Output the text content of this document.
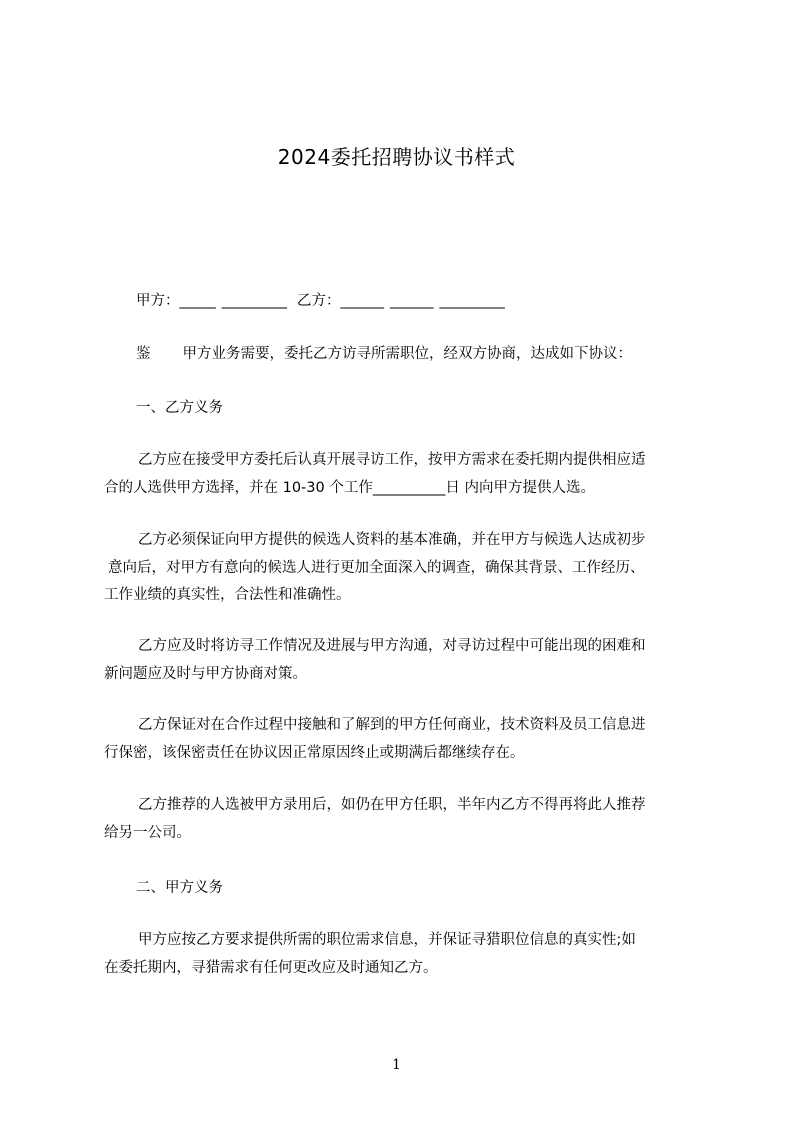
2024委托招聘协议书样式
甲方：_____ _________ 乙方：______ ______ _________
鉴 甲方业务需要，委托乙方访寻所需职位，经双方协商，达成如下协议：
一、乙方义务
乙方应在接受甲方委托后认真开展寻访工作，按甲方需求在委托期内提供相应适
合的人选供甲方选择，并在 10-30 个工作__________日 内向甲方提供人选。
乙方必须保证向甲方提供的候选人资料的基本准确，并在甲方与候选人达成初步
意向后，对甲方有意向的候选人进行更加全面深入的调查，确保其背景、工作经历、
工作业绩的真实性，合法性和准确性。
乙方应及时将访寻工作情况及进展与甲方沟通，对寻访过程中可能出现的困难和
新问题应及时与甲方协商对策。
乙方保证对在合作过程中接触和了解到的甲方任何商业，技术资料及员工信息进
行保密，该保密责任在协议因正常原因终止或期满后都继续存在。
乙方推荐的人选被甲方录用后，如仍在甲方任职，半年内乙方不得再将此人推荐
给另一公司。
二、甲方义务
甲方应按乙方要求提供所需的职位需求信息，并保证寻猎职位信息的真实性;如
在委托期内，寻猎需求有任何更改应及时通知乙方。
1
